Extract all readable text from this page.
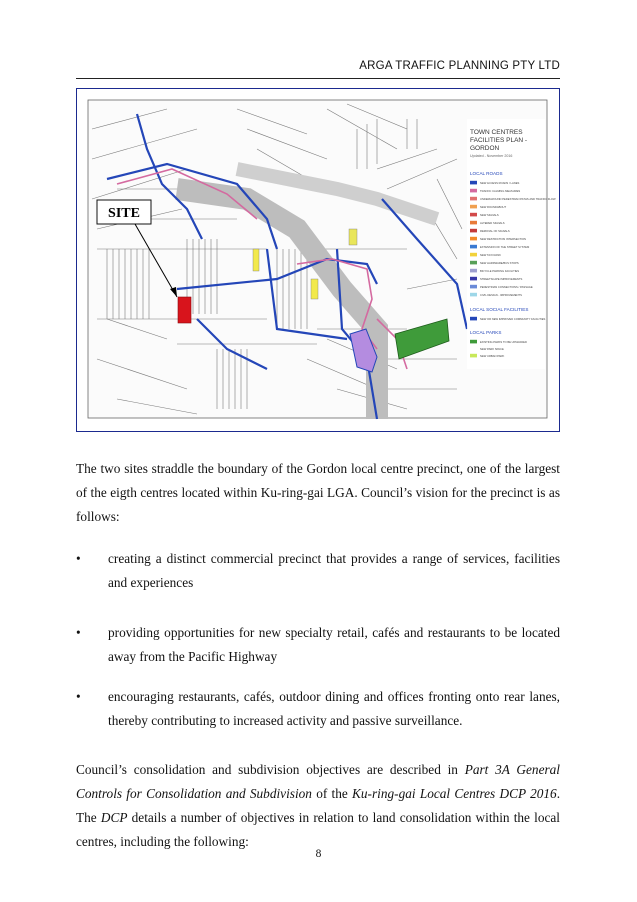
ARGA TRAFFIC PLANNING PTY LTD
SITE
TOWN CENTRES
FACILITIES PLAN -
GORDON
Updated - November 2016
LOCAL ROADS
NEW ACCESS ROADS / LANES
TRAFFIC CALMING MEASURES
UNDERGROUND PEDESTRIAN PATHS AND TRAFFIC FLOW
NEW ROUNDABOUT
NEW SIGNALS
ALTERED SIGNALS
REMOVAL OF SIGNALS
NEW RESTRICTION INTERSECTION
EXTENSION OF THE STREET SYSTEM
NEW TAXI RANK
NEW HARDWARE/BUS STOPS
BICYCLE PARKING FACILITIES
STREETSCAPE IMPROVEMENTS
PEDESTRIAN CONNECTIONS / PASSAGE
CIVIL DESIGN - IMPROVEMENTS
LOCAL SOCIAL FACILITIES
NEW OR NEW IMPROVED COMMUNITY FACILITIES
LOCAL PARKS
EXISTING PARKS TO BE UPGRADED
NEW PARK SPACE
NEW URBAN PARK
The two sites straddle the boundary of the Gordon local centre precinct, one of the largest of the eigth centres located within Ku-ring-gai LGA. Council’s vision for the precinct is as follows:
• creating a distinct commercial precinct that provides a range of services, facilities and experiences
• providing opportunities for new specialty retail, cafés and restaurants to be located away from the Pacific Highway
• encouraging restaurants, cafés, outdoor dining and offices fronting onto rear lanes, thereby contributing to increased activity and passive surveillance.
Council’s consolidation and subdivision objectives are described in Part 3A General Controls for Consolidation and Subdivision of the Ku-ring-gai Local Centres DCP 2016. The DCP details a number of objectives in relation to land consolidation within the local centres, including the following:
8
